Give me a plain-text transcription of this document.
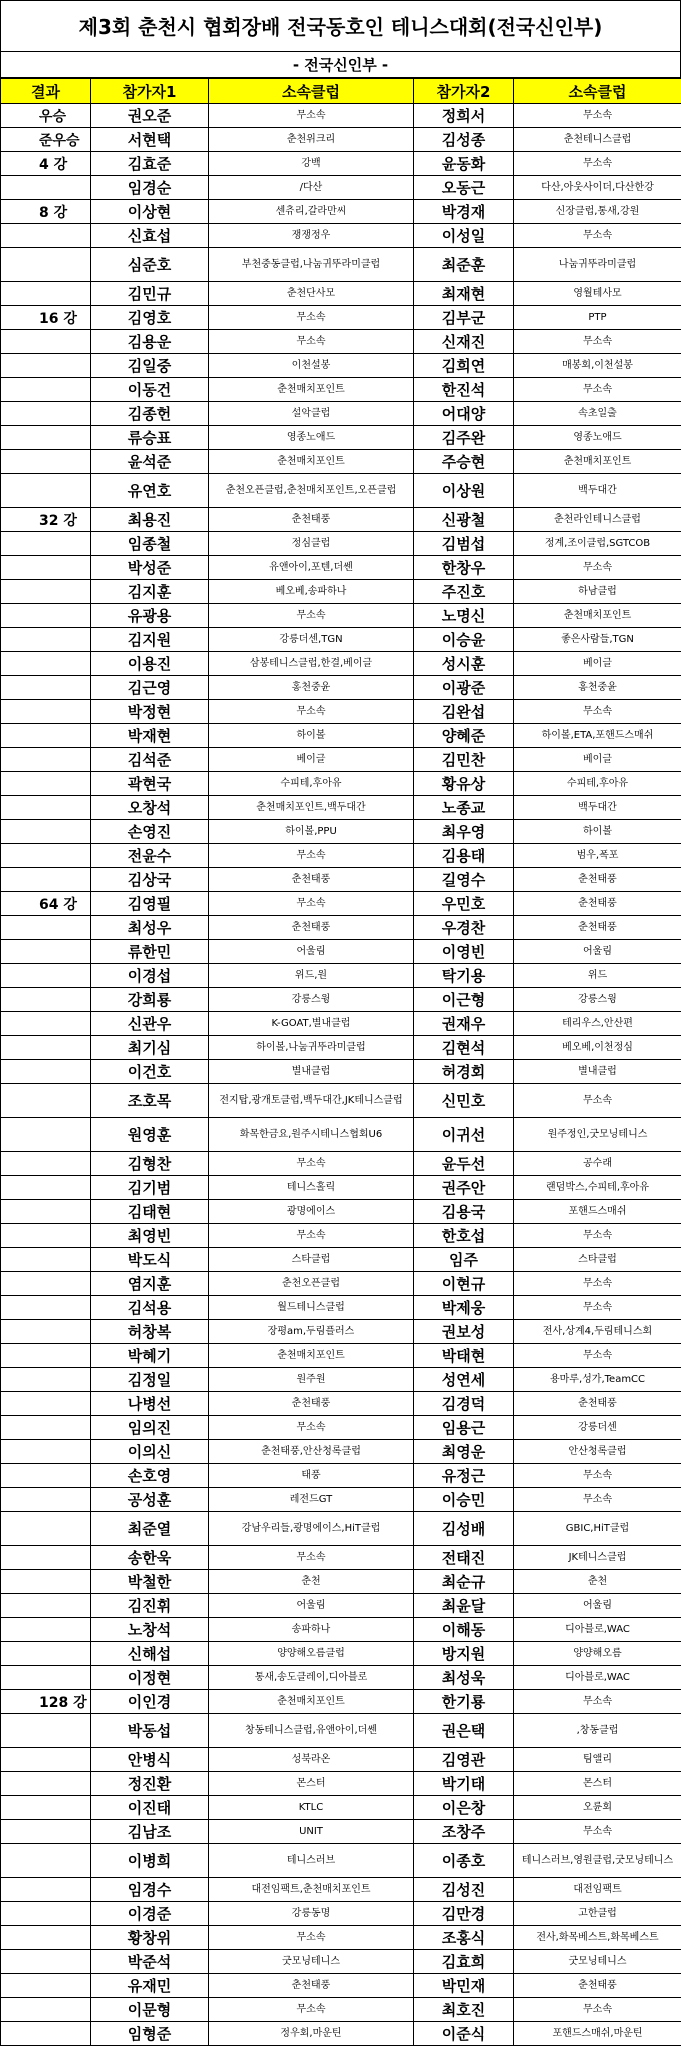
제3회 춘천시 협회장배 전국동호인 테니스대회(전국신인부)
- 전국신인부 -
결과	참가자1	소속클럽	참가자2	소속클럽
우승	권오준	무소속	정희서	무소속
준우승	서현택	춘천위크리	김성종	춘천테니스클럽
4 강	김효준	강백	윤동화	무소속
	임경순	/다산	오동근	다산,아웃사이더,다산한강
8 강	이상현	센츄리,갈라만씨	박경재	신장클럽,통새,강원
	신효섭	쟁쟁정우	이성일	무소속
	심준호	부천중동클럽,나눔귀뚜라미클럽	최준훈	나눔귀뚜라미클럽
	김민규	춘천단사모	최재현	영월테사모
16 강	김영호	무소속	김부군	PTP
	김용운	무소속	신재진	무소속
	김일중	이천설봉	김희연	매봉회,이천설봉
	이동건	춘천매치포인트	한진석	무소속
	김종헌	설악클럽	어대양	속초일출
	류승표	영종노애드	김주완	영종노애드
	윤석준	춘천매치포인트	주승현	춘천매치포인트
	유연호	춘천오픈클럽,춘천매치포인트,오픈클럽	이상원	백두대간
32 강	최용진	춘천태풍	신광철	춘천라인테니스클럽
	임종철	정심클럽	김범섭	정계,조이클럽,SGTCOB
	박성준	유앤아이,포텐,더쎈	한창우	무소속
	김지훈	베오베,송파하나	주진호	하남클럽
	유광용	무소속	노명신	춘천매치포인트
	김지원	강릉더센,TGN	이승윤	좋은사람들,TGN
	이용진	삼봉테니스클럽,한결,베이글	성시훈	베이글
	김근영	홍천중윤	이광준	홍천중윤
	박정현	무소속	김완섭	무소속
	박재현	하이볼	양혜준	하이볼,ETA,포핸드스매쉬
	김석준	베이글	김민찬	베이글
	곽현국	수피테,후아유	황유상	수피테,후아유
	오창석	춘천매치포인트,백두대간	노종교	백두대간
	손영진	하이볼,PPU	최우영	하이볼
	전윤수	무소속	김용태	범우,폭포
	김상국	춘천태풍	길영수	춘천태풍
64 강	김영필	무소속	우민호	춘천태풍
	최성우	춘천태풍	우경찬	춘천태풍
	류한민	어울림	이영빈	어울림
	이경섭	위드,원	탁기용	위드
	강희룡	강릉스윙	이근형	강릉스윙
	신관우	K-GOAT,별내클럽	권재우	테리우스,안산편
	최기심	하이볼,나눔귀뚜라미클럽	김현석	베오베,이천정심
	이건호	별내클럽	허경회	별내클럽
	조호목	전지탑,광개토클럽,백두대간,JK테니스클럽	신민호	무소속
	원영훈	화목한금요,원주시테니스협회U6	이귀선	원주정인,굿모닝테니스
	김형찬	무소속	윤두선	공수래
	김기범	테니스홀릭	권주안	랜덤박스,수피테,후아유
	김태현	광명에이스	김용국	포핸드스매쉬
	최영빈	무소속	한호섭	무소속
	박도식	스타클럽	임주	스타클럽
	염지훈	춘천오픈클럽	이현규	무소속
	김석용	월드테니스클럽	박제웅	무소속
	허창복	장평am,두림플러스	권보성	전사,상계4,두림테니스회
	박혜기	춘천매치포인트	박태현	무소속
	김정일	원주원	성연세	용마루,성가,TeamCC
	나병선	춘천태풍	김경덕	춘천태풍
	임의진	무소속	임용근	강릉더센
	이의신	춘천태풍,안산청록클럽	최영운	안산청록클럽
	손호영	태풍	유정근	무소속
	공성훈	레전드GT	이승민	무소속
	최준열	강남우리들,광명에이스,HiT클럽	김성배	GBIC,HiT클럽
	송한욱	무소속	전태진	JK테니스클럽
	박철한	춘천	최순규	춘천
	김진휘	어울림	최윤달	어울림
	노창석	송파하나	이해동	디아블로,WAC
	신해섭	양양해오름클럽	방지원	양양해오름
	이정현	통새,송도클레이,디아블로	최성욱	디아블로,WAC
128 강	이인경	춘천매치포인트	한기룡	무소속
	박동섭	창동테니스클럽,유앤아이,더쎈	권은택	,창동클럽
	안병식	성북라온	김영관	팀앨리
	정진환	몬스터	박기태	몬스터
	이진태	KTLC	이은창	오륜회
	김남조	UNIT	조창주	무소속
	이병희	테니스러브	이종호	테니스러브,영원클럽,굿모닝테니스
	임경수	대전임팩트,춘천매치포인트	김성진	대전임팩트
	이경준	강릉동명	김만경	고한클럽
	황창위	무소속	조홍식	전사,화목베스트,화목베스트
	박준석	굿모닝테니스	김효희	굿모닝테니스
	유재민	춘천태풍	박민재	춘천태풍
	이문형	무소속	최호진	무소속
	임형준	정우회,마운틴	이준식	포핸드스매쉬,마운틴
